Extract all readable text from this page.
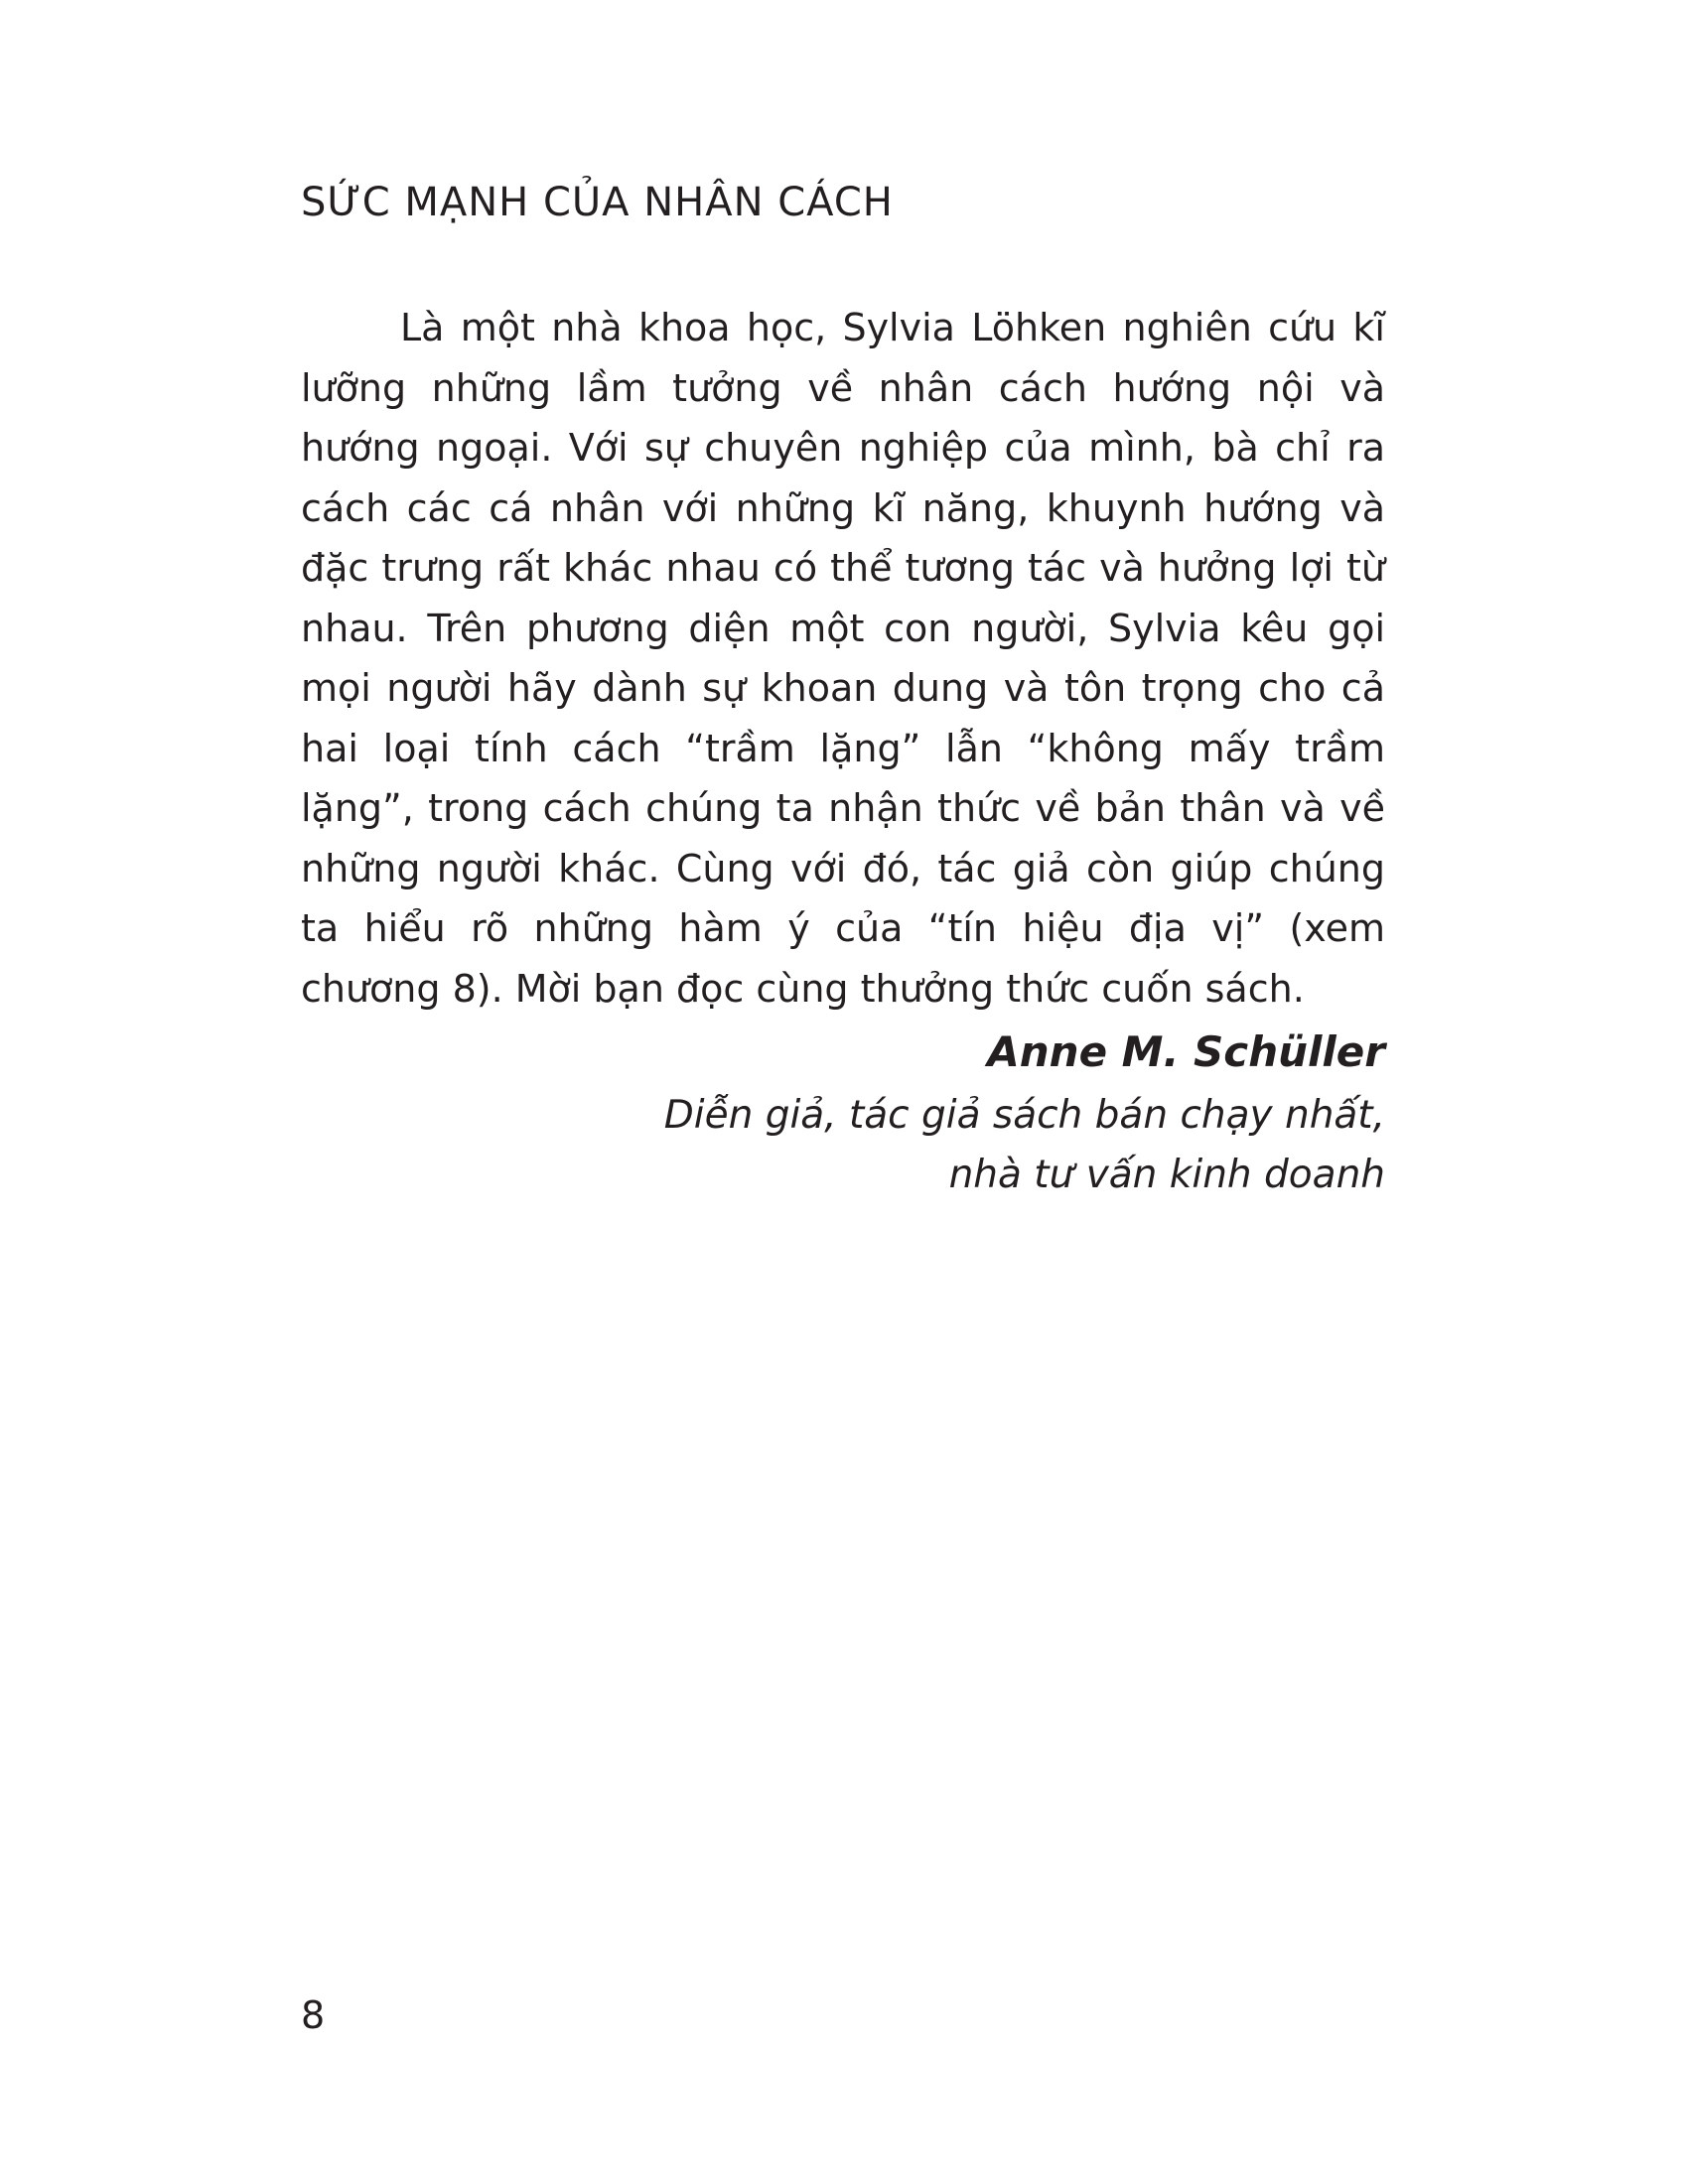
SỨC MẠNH CỦA NHÂN CÁCH

Là một nhà khoa học, Sylvia Löhken nghiên cứu kĩ lưỡng những lầm tưởng về nhân cách hướng nội và hướng ngoại. Với sự chuyên nghiệp của mình, bà chỉ ra cách các cá nhân với những kĩ năng, khuynh hướng và đặc trưng rất khác nhau có thể tương tác và hưởng lợi từ nhau. Trên phương diện một con người, Sylvia kêu gọi mọi người hãy dành sự khoan dung và tôn trọng cho cả hai loại tính cách “trầm lặng” lẫn “không mấy trầm lặng”, trong cách chúng ta nhận thức về bản thân và về những người khác. Cùng với đó, tác giả còn giúp chúng ta hiểu rõ những hàm ý của “tín hiệu địa vị” (xem chương 8). Mời bạn đọc cùng thưởng thức cuốn sách.

Anne M. Schüller

Diễn giả, tác giả sách bán chạy nhất,

nhà tư vấn kinh doanh

8
